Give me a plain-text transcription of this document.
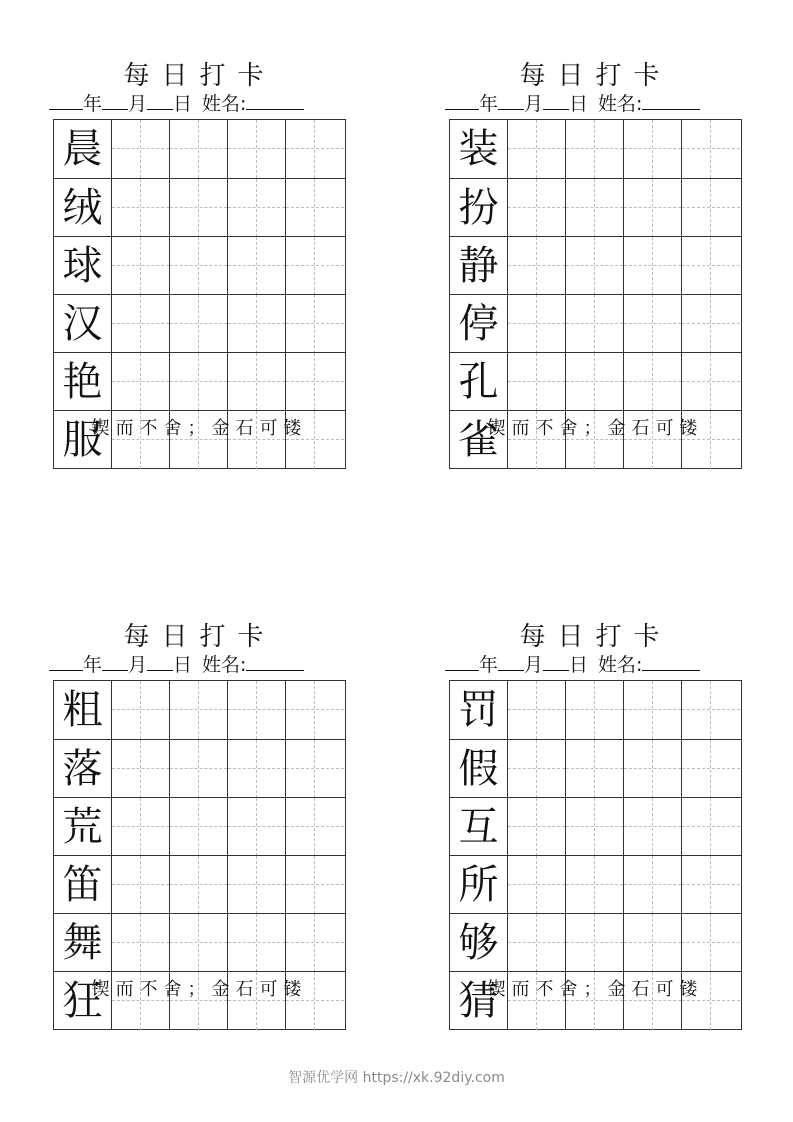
每日打卡
年 月 日 姓名:
晨
绒
球
汉
艳
服
锲而不舍；金石可镂
每日打卡
年 月 日 姓名:
装
扮
静
停
孔
雀
锲而不舍；金石可镂
每日打卡
年 月 日 姓名:
粗
落
荒
笛
舞
狂
锲而不舍；金石可镂
每日打卡
年 月 日 姓名:
罚
假
互
所
够
猜
锲而不舍；金石可镂
智源优学网 https://xk.92diy.com
